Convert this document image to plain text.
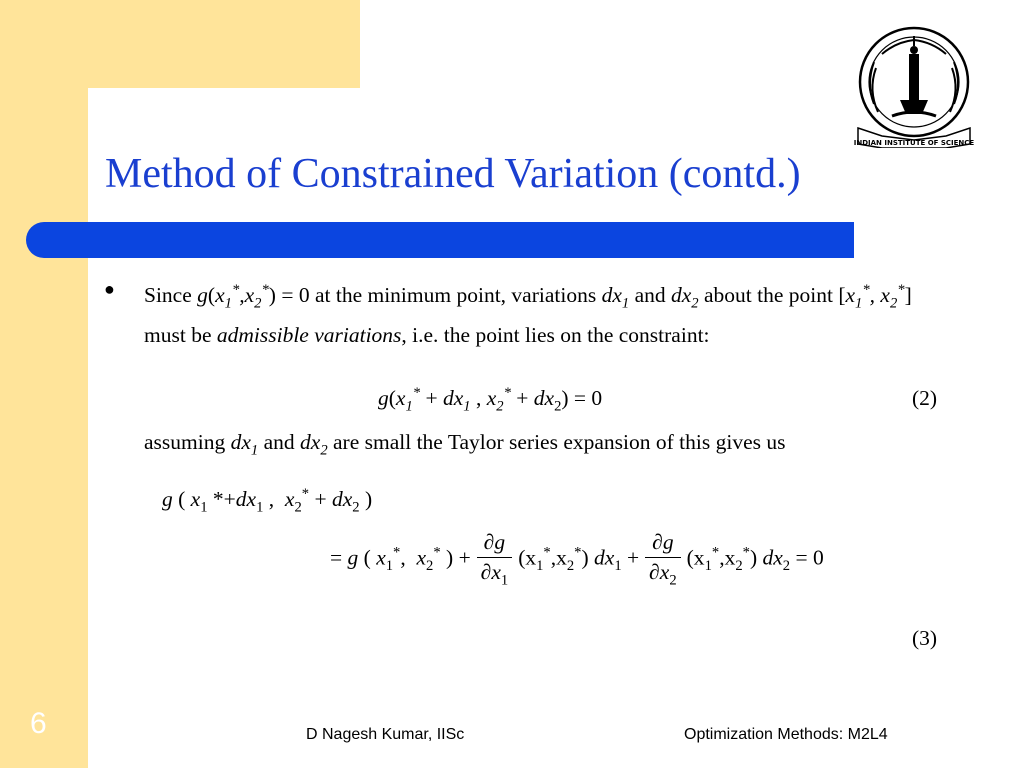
INDIAN INSTITUTE OF SCIENCE
Method of Constrained Variation (contd.)
● Since $g(x_1^*,x_2^*) = 0$ at the minimum point, variations $dx_1$ and $dx_2$ about the point [$x_1^*$, $x_2^*$] must be admissible variations, i.e. the point lies on the constraint:
$g(x_1^* + dx_1$ , $x_2^* + dx_2) = 0$	(2)
assuming $dx_1$ and $dx_2$ are small the Taylor series expansion of this gives us
g ( $x_1$ $*+dx_1$ ,  $x_2^* + dx_2$ )
= g ( $x_1^*$,  $x_2^*$ ) + $\frac{\partial g}{\partial x_1} (x_1^*,x_2^*) dx_1 + \frac{\partial g}{\partial x_2} (x_1^*,x_2^*) dx_2 = 0$
(3)
6	D Nagesh Kumar, IISc	Optimization Methods: M2L4
